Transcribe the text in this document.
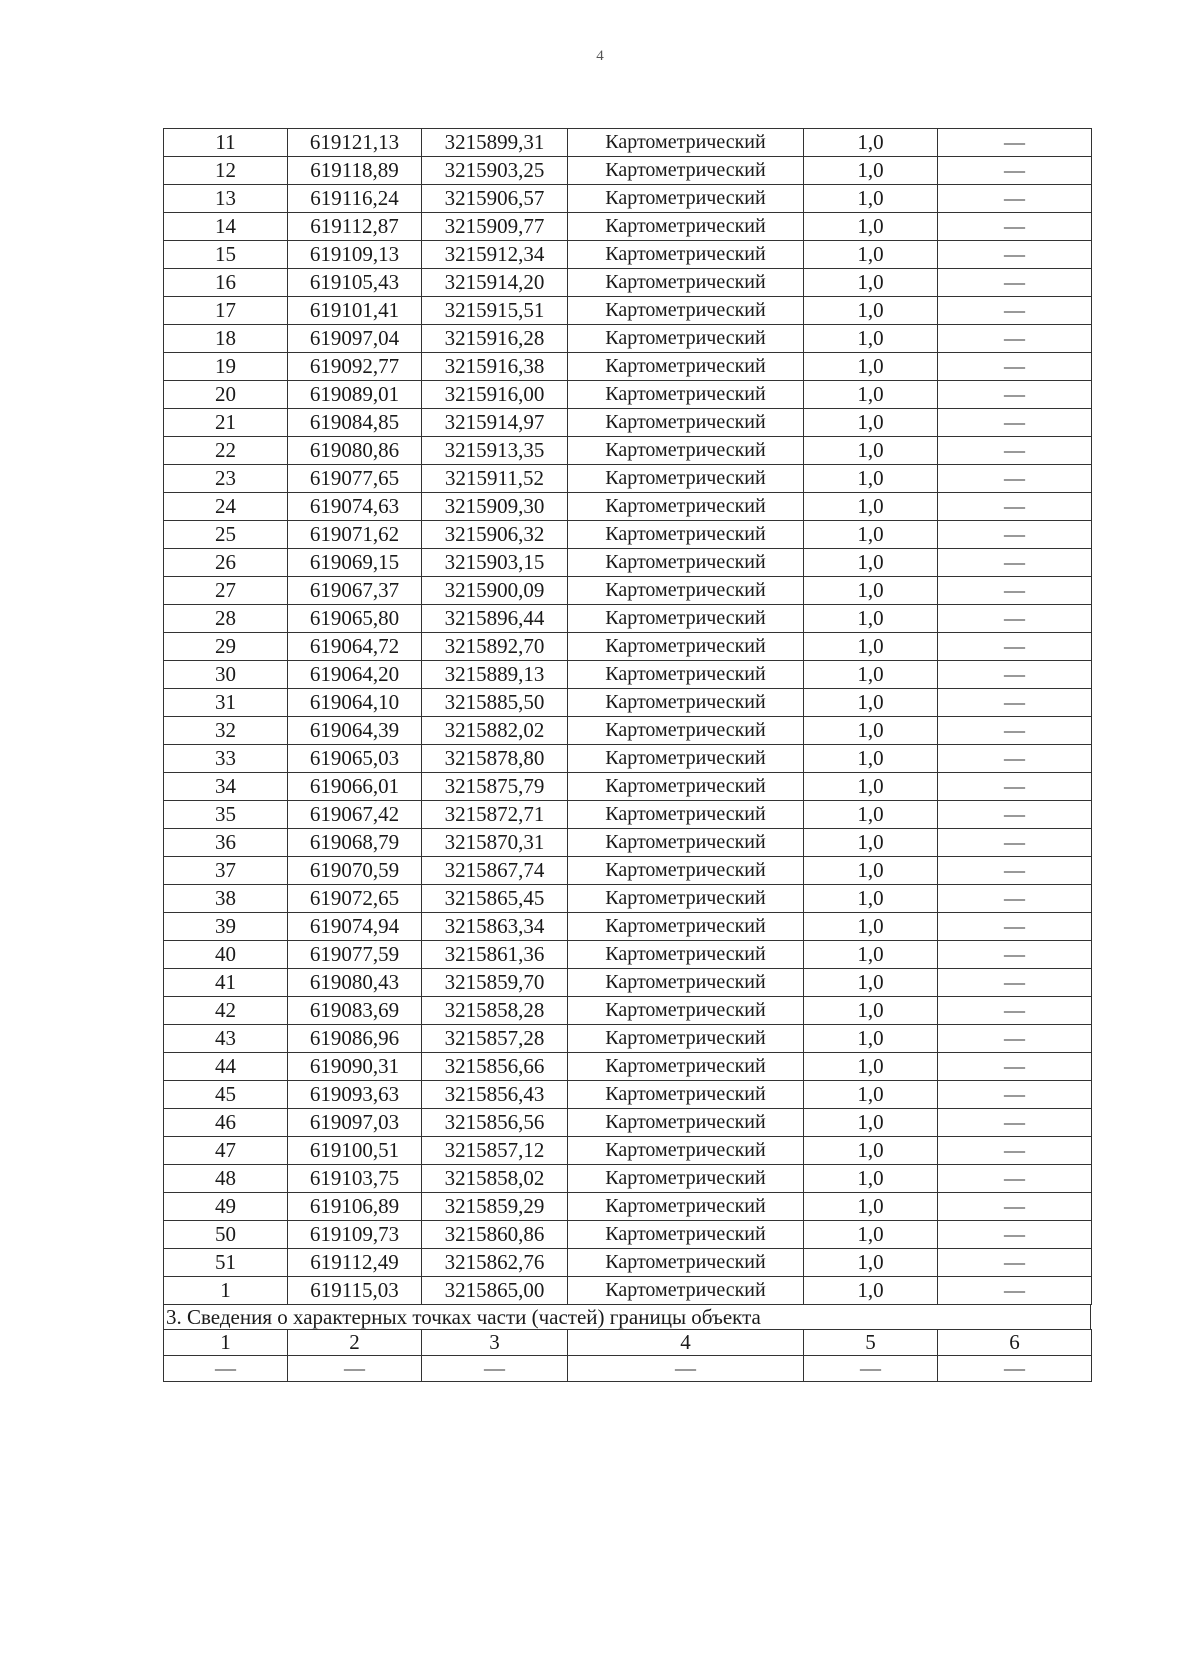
4
11	619121,13	3215899,31	Картометрический	1,0	—
12	619118,89	3215903,25	Картометрический	1,0	—
13	619116,24	3215906,57	Картометрический	1,0	—
14	619112,87	3215909,77	Картометрический	1,0	—
15	619109,13	3215912,34	Картометрический	1,0	—
16	619105,43	3215914,20	Картометрический	1,0	—
17	619101,41	3215915,51	Картометрический	1,0	—
18	619097,04	3215916,28	Картометрический	1,0	—
19	619092,77	3215916,38	Картометрический	1,0	—
20	619089,01	3215916,00	Картометрический	1,0	—
21	619084,85	3215914,97	Картометрический	1,0	—
22	619080,86	3215913,35	Картометрический	1,0	—
23	619077,65	3215911,52	Картометрический	1,0	—
24	619074,63	3215909,30	Картометрический	1,0	—
25	619071,62	3215906,32	Картометрический	1,0	—
26	619069,15	3215903,15	Картометрический	1,0	—
27	619067,37	3215900,09	Картометрический	1,0	—
28	619065,80	3215896,44	Картометрический	1,0	—
29	619064,72	3215892,70	Картометрический	1,0	—
30	619064,20	3215889,13	Картометрический	1,0	—
31	619064,10	3215885,50	Картометрический	1,0	—
32	619064,39	3215882,02	Картометрический	1,0	—
33	619065,03	3215878,80	Картометрический	1,0	—
34	619066,01	3215875,79	Картометрический	1,0	—
35	619067,42	3215872,71	Картометрический	1,0	—
36	619068,79	3215870,31	Картометрический	1,0	—
37	619070,59	3215867,74	Картометрический	1,0	—
38	619072,65	3215865,45	Картометрический	1,0	—
39	619074,94	3215863,34	Картометрический	1,0	—
40	619077,59	3215861,36	Картометрический	1,0	—
41	619080,43	3215859,70	Картометрический	1,0	—
42	619083,69	3215858,28	Картометрический	1,0	—
43	619086,96	3215857,28	Картометрический	1,0	—
44	619090,31	3215856,66	Картометрический	1,0	—
45	619093,63	3215856,43	Картометрический	1,0	—
46	619097,03	3215856,56	Картометрический	1,0	—
47	619100,51	3215857,12	Картометрический	1,0	—
48	619103,75	3215858,02	Картометрический	1,0	—
49	619106,89	3215859,29	Картометрический	1,0	—
50	619109,73	3215860,86	Картометрический	1,0	—
51	619112,49	3215862,76	Картометрический	1,0	—
1	619115,03	3215865,00	Картометрический	1,0	—
3. Сведения о характерных точках части (частей) границы объекта
1	2	3	4	5	6
—	—	—	—	—	—
